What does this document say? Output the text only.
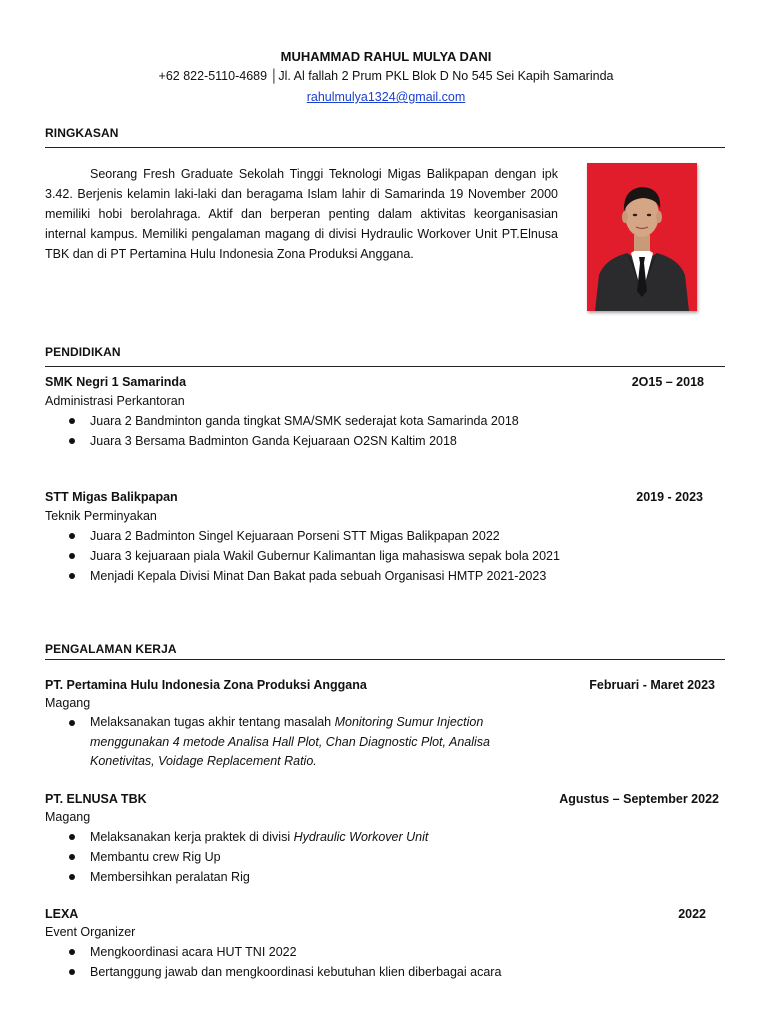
MUHAMMAD RAHUL MULYA DANI
+62 822-5110-4689 │Jl. Al fallah 2 Prum PKL Blok D No 545 Sei Kapih Samarinda
rahulmulya1324@gmail.com
RINGKASAN
Seorang Fresh Graduate Sekolah Tinggi Teknologi Migas Balikpapan dengan ipk 3.42. Berjenis kelamin laki-laki dan beragama Islam lahir di Samarinda 19 November 2000 memiliki hobi berolahraga. Aktif dan berperan penting dalam aktivitas keorganisasian internal kampus. Memiliki pengalaman magang di divisi Hydraulic Workover Unit PT.Elnusa TBK dan di PT Pertamina Hulu Indonesia Zona Produksi Anggana.
PENDIDIKAN
SMK Negri 1 Samarinda	2O15 – 2018
Administrasi Perkantoran
Juara 2 Bandminton ganda tingkat SMA/SMK sederajat kota Samarinda 2018
Juara 3 Bersama Badminton Ganda Kejuaraan O2SN Kaltim 2018
STT Migas Balikpapan	2019 - 2023
Teknik Perminyakan
Juara 2 Badminton Singel Kejuaraan Porseni STT Migas Balikpapan 2022
Juara 3 kejuaraan piala Wakil Gubernur Kalimantan liga mahasiswa sepak bola 2021
Menjadi Kepala Divisi Minat Dan Bakat pada sebuah Organisasi HMTP 2021-2023
PENGALAMAN KERJA
PT. Pertamina Hulu Indonesia Zona Produksi Anggana	Februari - Maret 2023
Magang
Melaksanakan tugas akhir tentang masalah Monitoring Sumur Injection menggunakan 4 metode Analisa Hall Plot, Chan Diagnostic Plot, Analisa Konetivitas, Voidage Replacement Ratio.
PT. ELNUSA TBK	Agustus – September 2022
Magang
Melaksanakan kerja praktek di divisi Hydraulic Workover Unit
Membantu crew Rig Up
Membersihkan peralatan Rig
LEXA	2022
Event Organizer
Mengkoordinasi acara HUT TNI 2022
Bertanggung jawab dan mengkoordinasi kebutuhan klien diberbagai acara
